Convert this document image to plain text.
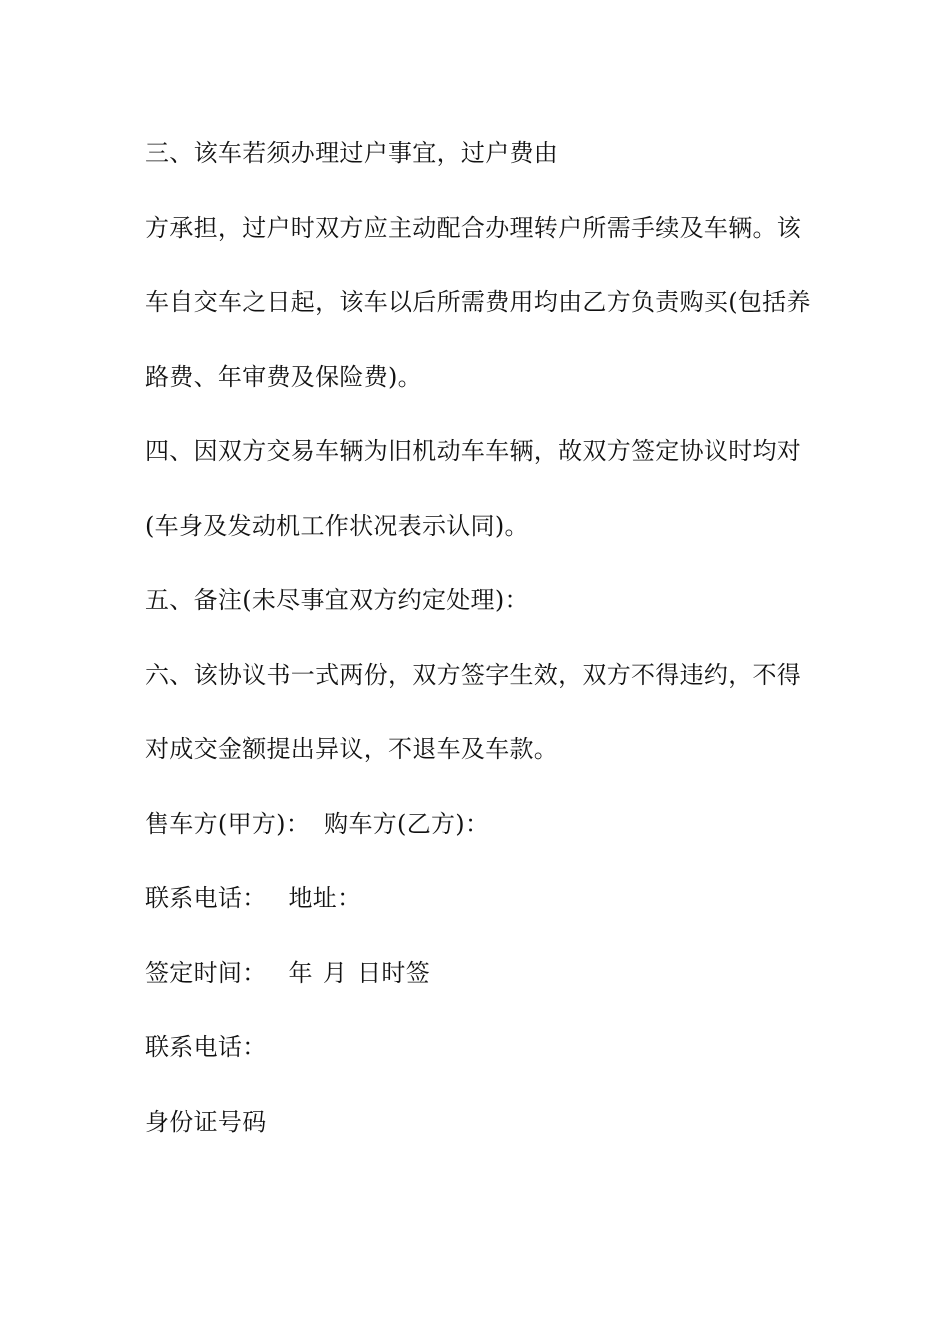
三、该车若须办理过户事宜，过户费由
方承担，过户时双方应主动配合办理转户所需手续及车辆。该
车自交车之日起，该车以后所需费用均由乙方负责购买(包括养
路费、年审费及保险费)。
四、因双方交易车辆为旧机动车车辆，故双方签定协议时均对
(车身及发动机工作状况表示认同)。
五、备注(未尽事宜双方约定处理)：
六、该协议书一式两份，双方签字生效，双方不得违约，不得
对成交金额提出异议，不退车及车款。
售车方(甲方)： 购车方(乙方)：
联系电话： 地址：
签定时间： 年 月 日时签
联系电话：
身份证号码
